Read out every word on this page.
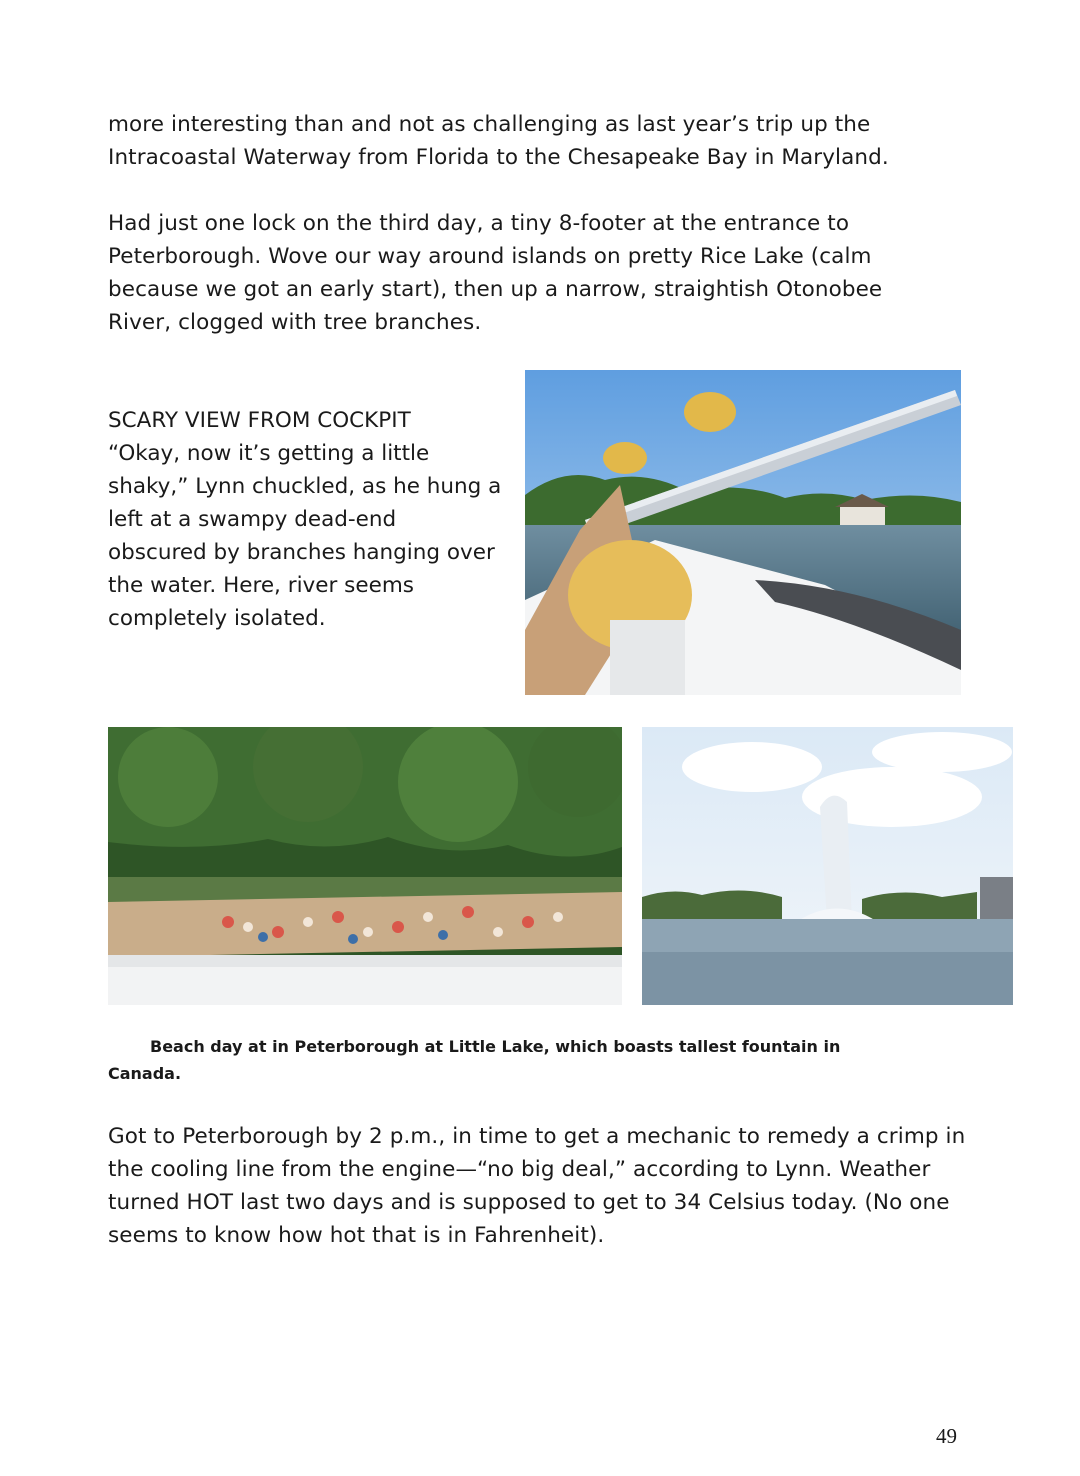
more interesting than and not as challenging as last year’s trip up the Intracoastal Waterway from Florida to the Chesapeake Bay in Maryland.

Had just one lock on the third day, a tiny 8-footer at the entrance to Peterborough. Wove our way around islands on pretty Rice Lake (calm because we got an early start), then up a narrow, straightish Otonobee River, clogged with tree branches.

SCARY VIEW FROM COCKPIT
“Okay, now it’s getting a little
shaky,” Lynn chuckled, as he hung a
left at a swampy dead-end
obscured by branches hanging over
the water. Here, river seems
completely isolated.
Beach day at in Peterborough at Little Lake, which boasts tallest fountain in Canada.

Got to Peterborough by 2 p.m., in time to get a mechanic to remedy a crimp in the cooling line from the engine—“no big deal,” according to Lynn. Weather turned HOT last two days and is supposed to get to 34 Celsius today. (No one seems to know how hot that is in Fahrenheit).

49
